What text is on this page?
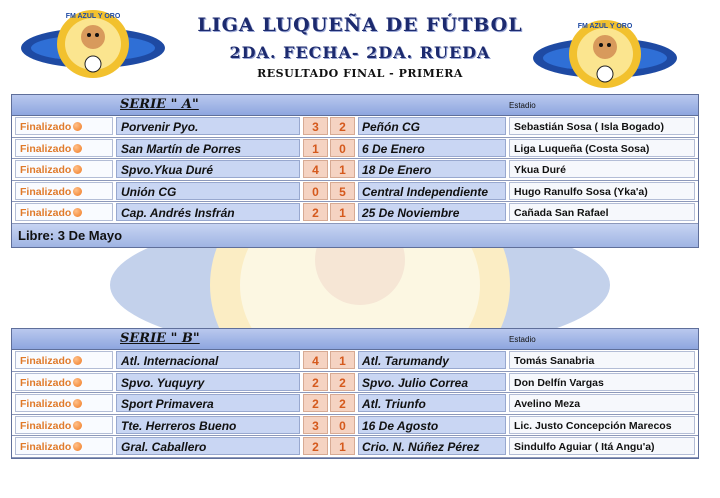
FM AZUL Y ORO
FM AZUL Y ORO
LIGA LUQUEÑA DE FÚTBOL
2DA. FECHA- 2DA. RUEDA
RESULTADO FINAL - PRIMERA
SERIE " A"	Estadio
Finalizado	Porvenir Pyo.	3	2	Peñón CG	Sebastián Sosa ( Isla Bogado)
Finalizado	San Martín de Porres	1	0	6 De Enero	Liga Luqueña (Costa Sosa)
Finalizado	Spvo.Ykua Duré	4	1	18 De Enero	Ykua Duré
Finalizado	Unión CG	0	5	Central Independiente	Hugo Ranulfo Sosa (Yka'a)
Finalizado	Cap. Andrés Insfrán	2	1	25 De Noviembre	Cañada San Rafael
Libre: 3 De Mayo
SERIE " B"	Estadio
Finalizado	Atl. Internacional	4	1	Atl. Tarumandy	Tomás Sanabria
Finalizado	Spvo. Yuquyry	2	2	Spvo. Julio Correa	Don Delfín Vargas
Finalizado	Sport Primavera	2	2	Atl. Triunfo	Avelino Meza
Finalizado	Tte. Herreros Bueno	3	0	16 De Agosto	Lic. Justo Concepción Marecos
Finalizado	Gral. Caballero	2	1	Crio. N. Núñez Pérez	Sindulfo Aguiar ( Itá Angu'a)
